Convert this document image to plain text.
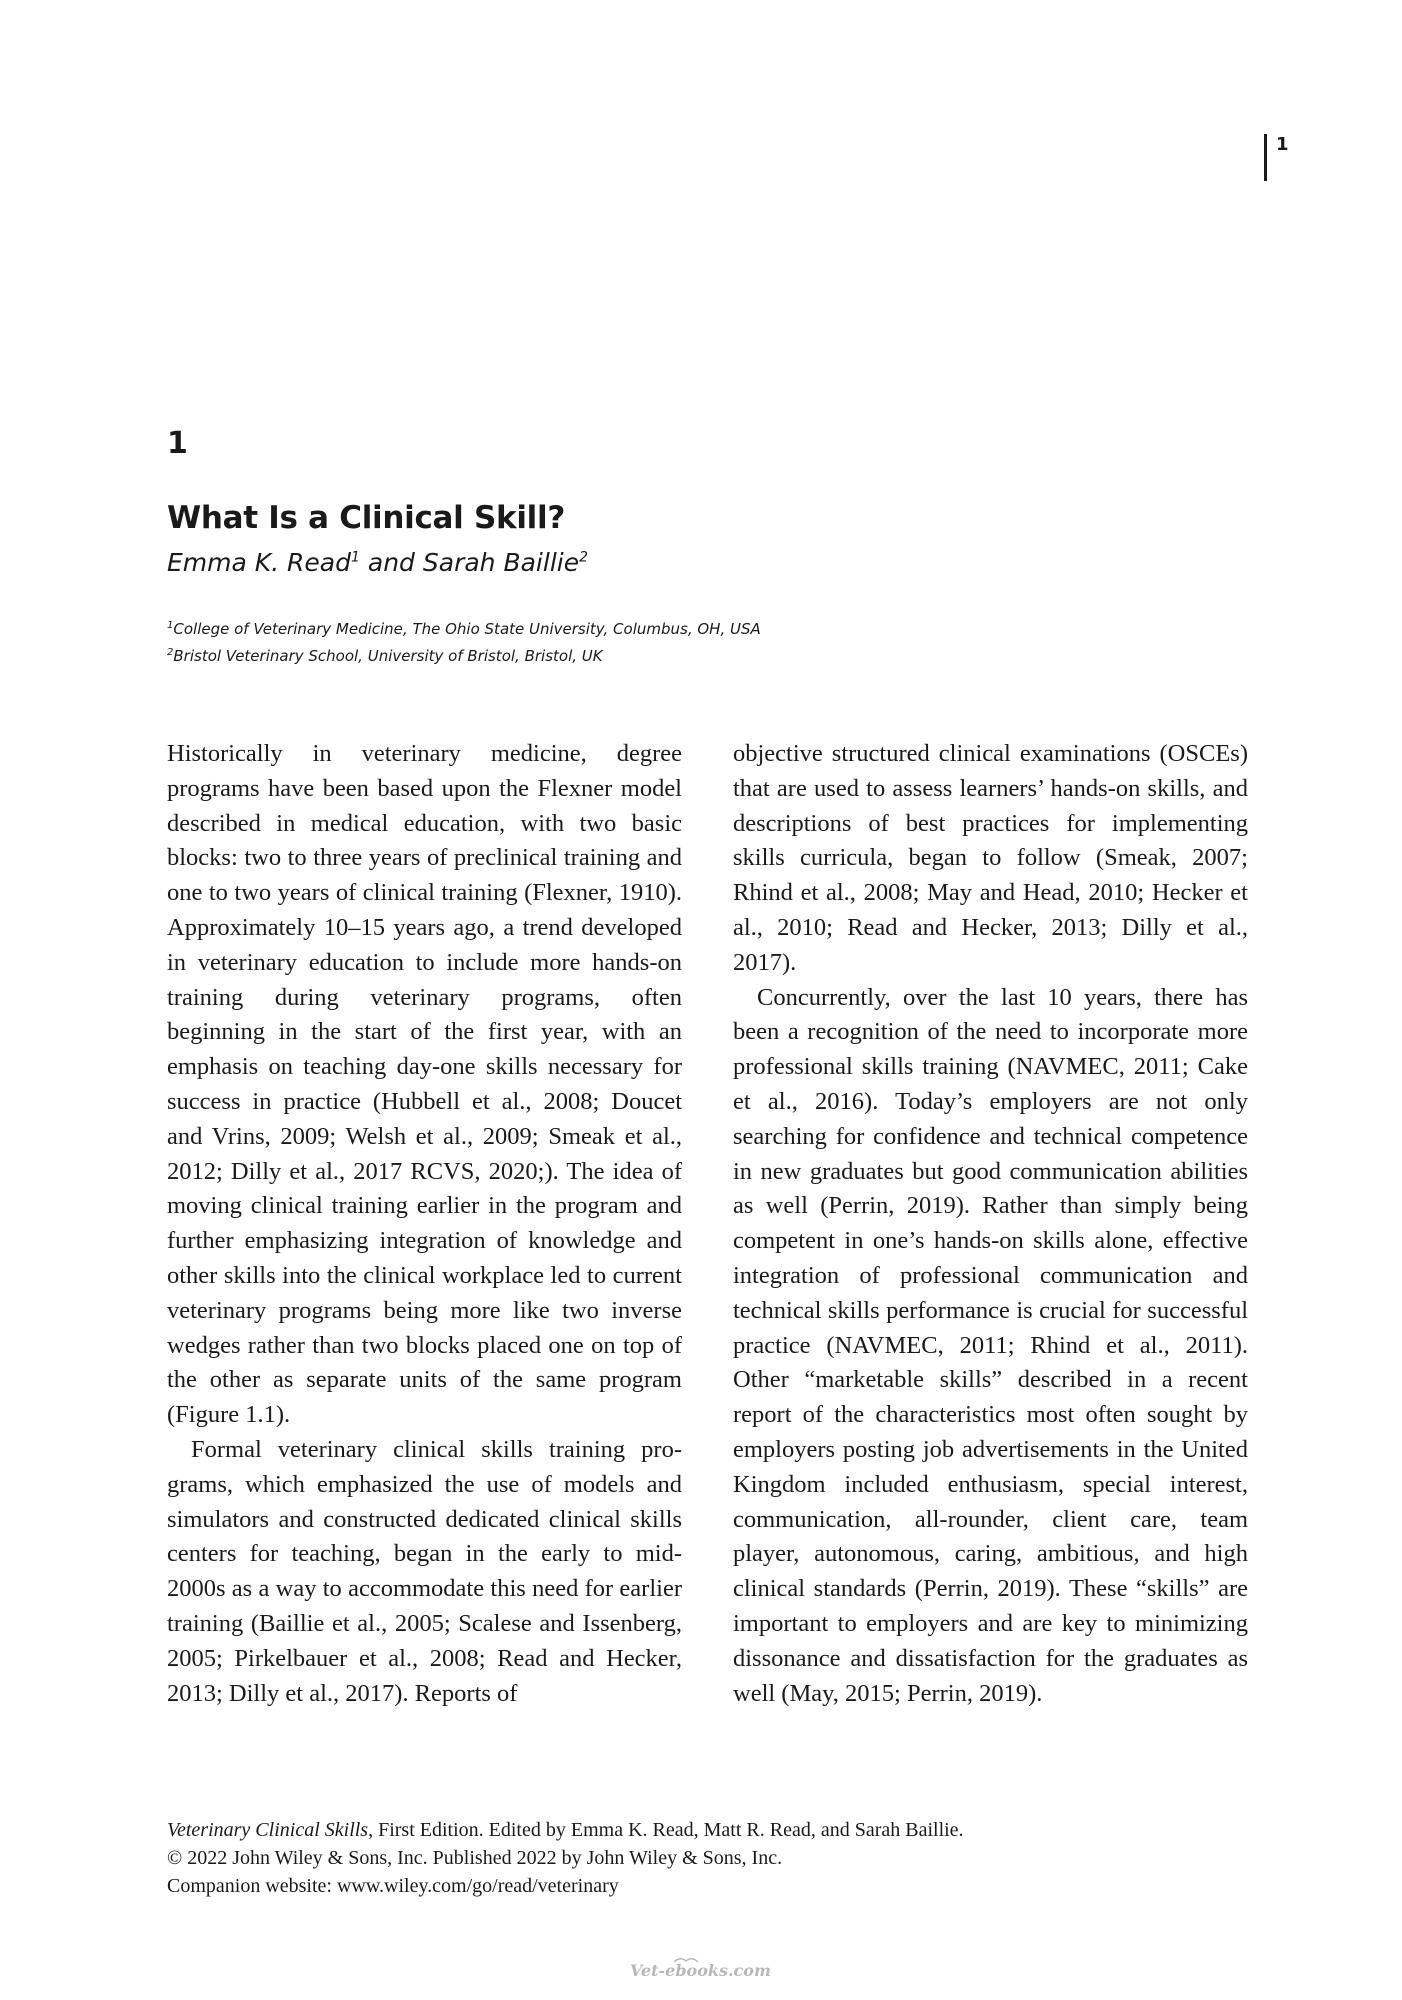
1
1
What Is a Clinical Skill?
Emma K. Read$^1$ and Sarah Baillie$^2$
$^1$College of Veterinary Medicine, The Ohio State University, Columbus, OH, USA
$^2$Bristol Veterinary School, University of Bristol, Bristol, UK

Historically in veterinary medicine, degree programs have been based upon the Flexner model described in medical education, with two basic blocks: two to three years of preclinical training and one to two years of clinical training (Flexner, 1910). Approximately 10–15 years ago, a trend developed in veterinary education to include more hands-on training during veterinary programs, often beginning in the start of the first year, with an emphasis on teaching day-one skills necessary for success in practice (Hubbell et al., 2008; Doucet and Vrins, 2009; Welsh et al., 2009; Smeak et al., 2012; Dilly et al., 2017 RCVS, 2020;). The idea of moving clinical training earlier in the program and further emphasizing integration of knowledge and other skills into the clinical workplace led to current veterinary programs being more like two inverse wedges rather than two blocks placed one on top of the other as separate units of the same program (Figure 1.1).

Formal veterinary clinical skills training programs, which emphasized the use of models and simulators and constructed dedicated clinical skills centers for teaching, began in the early to mid-2000s as a way to accommodate this need for earlier training (Baillie et al., 2005; Scalese and Issenberg, 2005; Pirkelbauer et al., 2008; Read and Hecker, 2013; Dilly et al., 2017). Reports of

objective structured clinical examinations (OSCEs) that are used to assess learners’ hands-on skills, and descriptions of best practices for implementing skills curricula, began to follow (Smeak, 2007; Rhind et al., 2008; May and Head, 2010; Hecker et al., 2010; Read and Hecker, 2013; Dilly et al., 2017).

Concurrently, over the last 10 years, there has been a recognition of the need to incorporate more professional skills training (NAVMEC, 2011; Cake et al., 2016). Today’s employers are not only searching for confidence and technical competence in new graduates but good communication abilities as well (Perrin, 2019). Rather than simply being competent in one’s hands-on skills alone, effective integration of professional communication and technical skills performance is crucial for successful practice (NAVMEC, 2011; Rhind et al., 2011). Other “marketable skills” described in a recent report of the characteristics most often sought by employers posting job advertisements in the United Kingdom included enthusiasm, special interest, communication, all-rounder, client care, team player, autonomous, caring, ambitious, and high clinical standards (Perrin, 2019). These “skills” are important to employers and are key to minimizing dissonance and dissatisfaction for the graduates as well (May, 2015; Perrin, 2019).

Veterinary Clinical Skills, First Edition. Edited by Emma K. Read, Matt R. Read, and Sarah Baillie.
© 2022 John Wiley & Sons, Inc. Published 2022 by John Wiley & Sons, Inc.
Companion website: www.wiley.com/go/read/veterinary
Vet-ebooks.com
